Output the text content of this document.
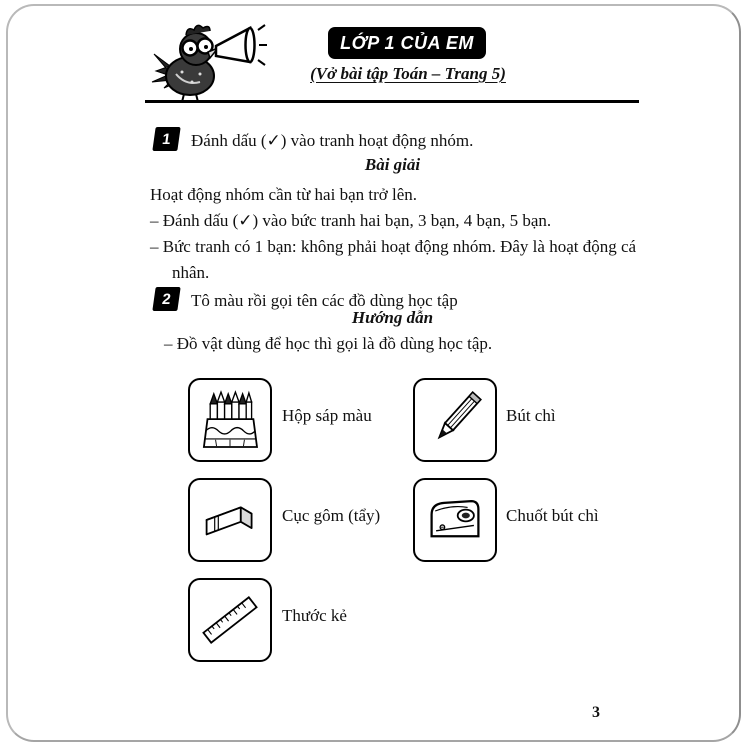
LỚP 1 CỦA EM
(Vở bài tập Toán – Trang 5)
1	Đánh dấu (✓) vào tranh hoạt động nhóm.
Bài giải
Hoạt động nhóm cần từ hai bạn trở lên.
– Đánh dấu (✓) vào bức tranh hai bạn, 3 bạn, 4 bạn, 5 bạn.
– Bức tranh có 1 bạn: không phải hoạt động nhóm. Đây là hoạt động cá nhân.
2	Tô màu rồi gọi tên các đồ dùng học tập
Hướng dẫn
– Đồ vật dùng để học thì gọi là đồ dùng học tập.
Hộp sáp màu	Bút chì
Cục gôm (tẩy)	Chuốt bút chì
Thước kẻ
3
